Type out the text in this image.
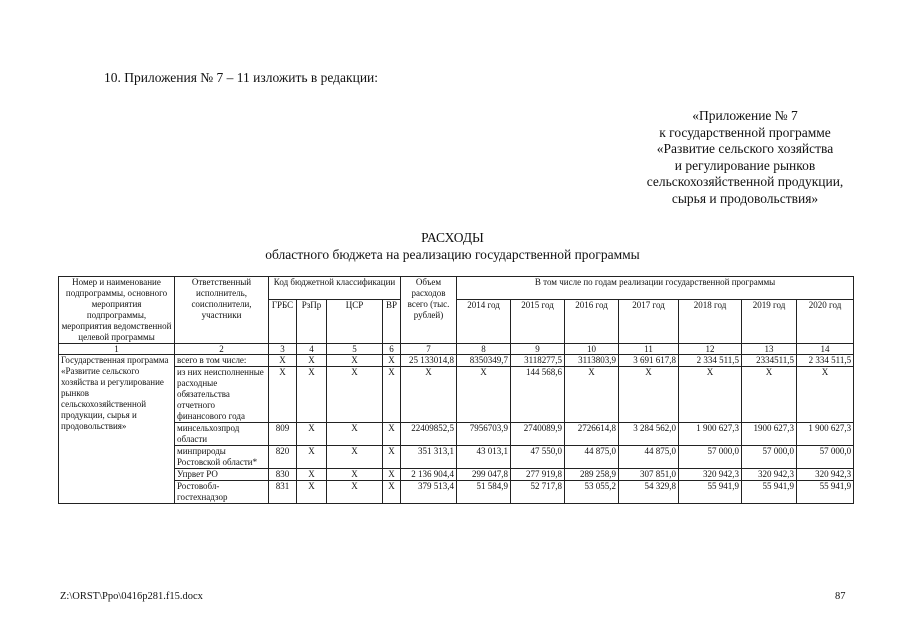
10. Приложения № 7 – 11 изложить в редакции:
«Приложение № 7
к государственной программе
«Развитие сельского хозяйства
и регулирование рынков
сельскохозяйственной продукции,
сырья и продовольствия»
РАСХОДЫ
областного бюджета на реализацию государственной программы
Номер и наименование подпрограммы, основного мероприятия подпрограммы, мероприятия ведомственной целевой программы	Ответственный исполнитель, соисполнители, участники	Код бюджетной классификации				Объем расходов всего (тыс. рублей)	В том числе по годам реализации государственной программы						
		ГРБС	РзПр	ЦСР	ВР		2014 год	2015 год	2016 год	2017 год	2018 год	2019 год	2020 год
1	2	3	4	5	6	7	8	9	10	11	12	13	14
Государственная программа «Развитие сельского хозяйства и регулирование рынков сельскохозяйственной продукции, сырья и продовольствия»	всего в том числе:	X	X	X	X	25 133014,8	8350349,7	3118277,5	3113803,9	3 691 617,8	2 334 511,5	2334511,5	2 334 511,5
	из них неисполненные расходные обязательства отчетного финансового года	X	X	X	X	X	X	144 568,6	X	X	X	X	X
	минсельхозпрод области	809	X	X	X	22409852,5	7956703,9	2740089,9	2726614,8	3 284 562,0	1 900 627,3	1900 627,3	1 900 627,3
	минприроды Ростовской области*	820	X	X	X	351 313,1	43 013,1	47 550,0	44 875,0	44 875,0	57 000,0	57 000,0	57 000,0
	Упрвет РО	830	X	X	X	2 136 904,4	299 047,8	277 919,8	289 258,9	307 851,0	320 942,3	320 942,3	320 942,3
	Ростовобл- гостехнадзор	831	X	X	X	379 513,4	51 584,9	52 717,8	53 055,2	54 329,8	55 941,9	55 941,9	55 941,9
Z:\ORST\Ppo\0416p281.f15.docx	87
